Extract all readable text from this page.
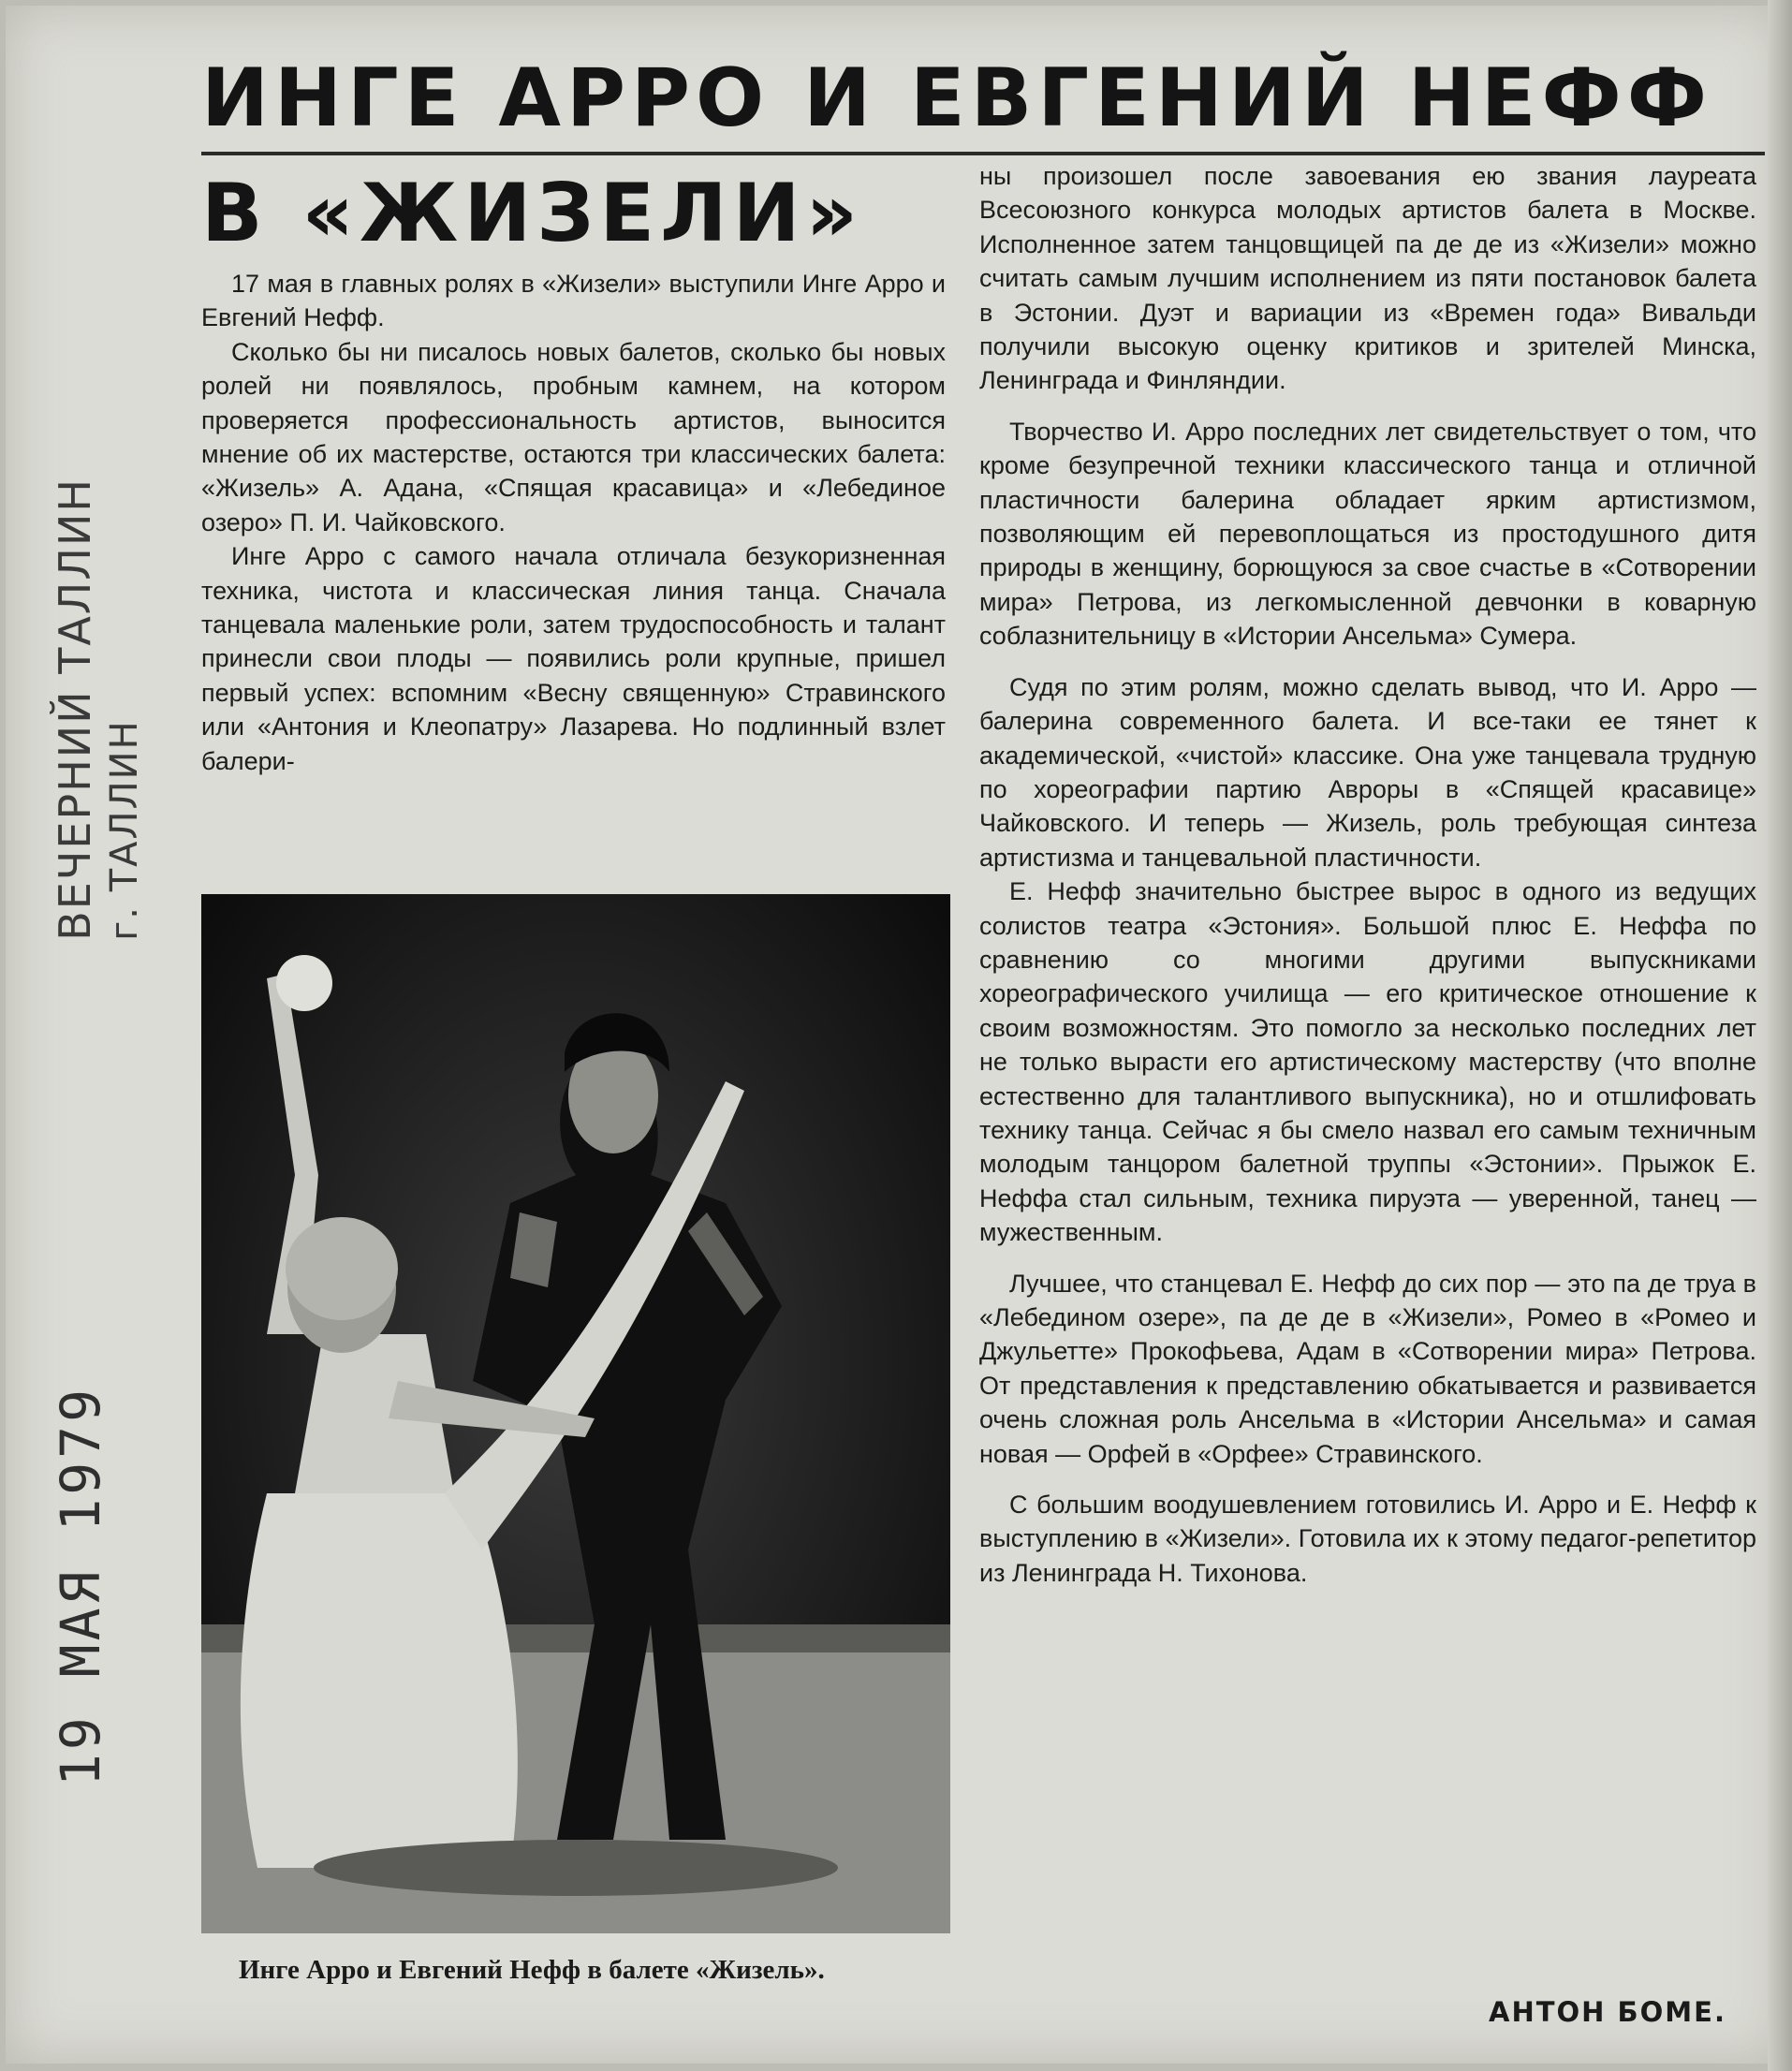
ВЕЧЕРНИЙ ТАЛЛИН г. ТАЛЛИН
19 МАЯ 1979
ИНГЕ АРРО И ЕВГЕНИЙ НЕФФ
В «ЖИЗЕЛИ»

17 мая в главных ролях в «Жизели» выступили Инге Арро и Евгений Нефф.

Сколько бы ни писалось новых балетов, сколько бы новых ролей ни появлялось, пробным камнем, на котором проверяется профессиональность артистов, выносится мнение об их мастерстве, остаются три классических балета: «Жизель» А. Адана, «Спящая красавица» и «Лебединое озеро» П. И. Чайковского.

Инге Арро с самого начала отличала безукоризненная техника, чистота и классическая линия танца. Сначала танцевала маленькие роли, затем трудоспособность и талант принесли свои плоды — появились роли крупные, пришел первый успех: вспомним «Весну священную» Стравинского или «Антония и Клеопатру» Лазарева. Но подлинный взлет балери-

Инге Арро и Евгений Нефф в балете «Жизель».

ны произошел после завоевания ею звания лауреата Всесоюзного конкурса молодых артистов балета в Москве. Исполненное затем танцовщицей па де де из «Жизели» можно считать самым лучшим исполнением из пяти постановок балета в Эстонии. Дуэт и вариации из «Времен года» Вивальди получили высокую оценку критиков и зрителей Минска, Ленинграда и Финляндии.

Творчество И. Арро последних лет свидетельствует о том, что кроме безупречной техники классического танца и отличной пластичности балерина обладает ярким артистизмом, позволяющим ей перевоплощаться из простодушного дитя природы в женщину, борющуюся за свое счастье в «Сотворении мира» Петрова, из легкомысленной девчонки в коварную соблазнительницу в «Истории Ансельма» Сумера.

Судя по этим ролям, можно сделать вывод, что И. Арро — балерина современного балета. И все-таки ее тянет к академической, «чистой» классике. Она уже танцевала трудную по хореографии партию Авроры в «Спящей красавице» Чайковского. И теперь — Жизель, роль требующая синтеза артистизма и танцевальной пластичности.

Е. Нефф значительно быстрее вырос в одного из ведущих солистов театра «Эстония». Большой плюс Е. Неффа по сравнению со многими другими выпускниками хореографического училища — его критическое отношение к своим возможностям. Это помогло за несколько последних лет не только вырасти его артистическому мастерству (что вполне естественно для талантливого выпускника), но и отшлифовать технику танца. Сейчас я бы смело назвал его самым техничным молодым танцором балетной труппы «Эстонии». Прыжок Е. Неффа стал сильным, техника пируэта — уверенной, танец — мужественным.

Лучшее, что станцевал Е. Нефф до сих пор — это па де труа в «Лебедином озере», па де де в «Жизели», Ромео в «Ромео и Джульетте» Прокофьева, Адам в «Сотворении мира» Петрова. От представления к представлению обкатывается и развивается очень сложная роль Ансельма в «Истории Ансельма» и самая новая — Орфей в «Орфее» Стравинского.

С большим воодушевлением готовились И. Арро и Е. Нефф к выступлению в «Жизели». Готовила их к этому педагог-репетитор из Ленинграда Н. Тихонова.

АНТОН БОМЕ.
